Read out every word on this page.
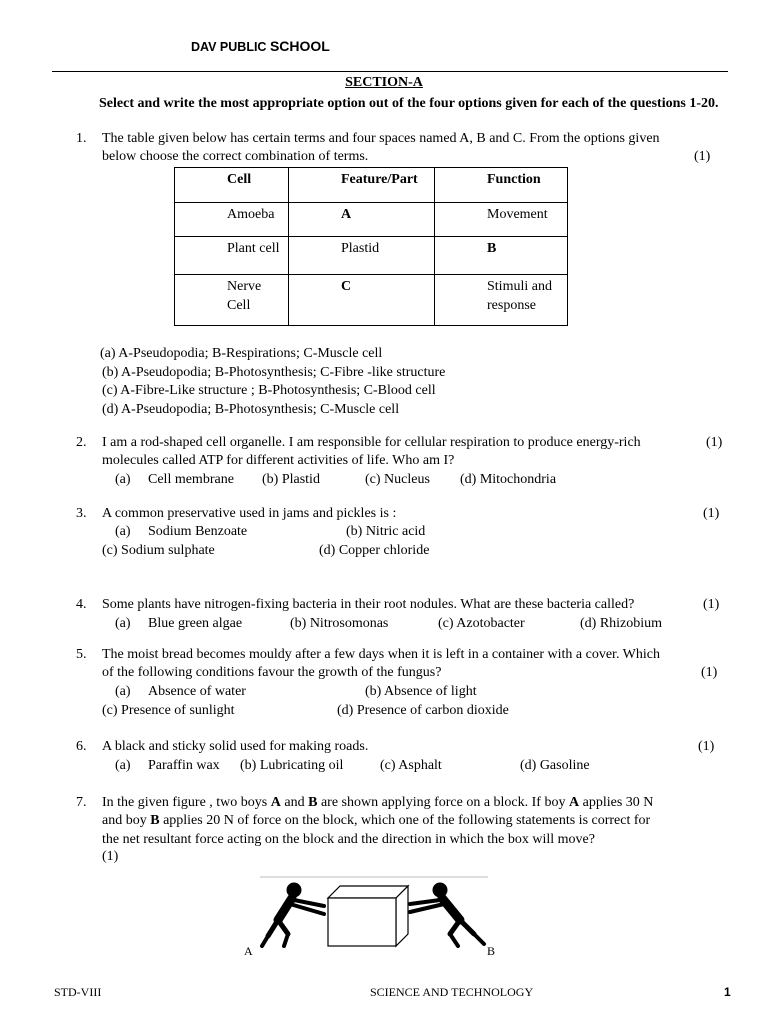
DAV PUBLIC SCHOOL
SECTION-A
Select and write the most appropriate option out of the four options given for each of the questions 1-20.
1. The table given below has certain terms and four spaces named A, B and C. From the options given
below choose the correct combination of terms.	(1)
Cell	Feature/Part	Function
Amoeba	A	Movement
Plant cell	Plastid	B
Nerve Cell	C	Stimuli and response
(a) A-Pseudopodia; B-Respirations; C-Muscle cell
(b) A-Pseudopodia; B-Photosynthesis; C-Fibre -like structure
(c) A-Fibre-Like structure ; B-Photosynthesis; C-Blood cell
(d) A-Pseudopodia; B-Photosynthesis; C-Muscle cell
2. I am a rod-shaped cell organelle. I am responsible for cellular respiration to produce energy-rich	(1)
molecules called ATP for different activities of life. Who am I?
(a) Cell membrane (b) Plastid	(c) Nucleus (d) Mitochondria
3. A common preservative used in jams and pickles is :	(1)
(a) Sodium Benzoate	(b) Nitric acid
(c) Sodium sulphate	(d) Copper chloride
4. Some plants have nitrogen-fixing bacteria in their root nodules. What are these bacteria called?	(1)
(a) Blue green algae	(b) Nitrosomonas	(c) Azotobacter	(d) Rhizobium
5. The moist bread becomes mouldy after a few days when it is left in a container with a cover. Which
of the following conditions favour the growth of the fungus?	(1)
(a) Absence of water	(b) Absence of light
(c) Presence of sunlight	(d) Presence of carbon dioxide
6. A black and sticky solid used for making roads.	(1)
(a) Paraffin wax (b) Lubricating oil	(c) Asphalt	(d) Gasoline
7. In the given figure , two boys A and B are shown applying force on a block. If boy A applies 30 N
and boy B applies 20 N of force on the block, which one of the following statements is correct for
the net resultant force acting on the block and the direction in which the box will move?
(1)
A	B
STD-VIII	SCIENCE AND TECHNOLOGY	1
